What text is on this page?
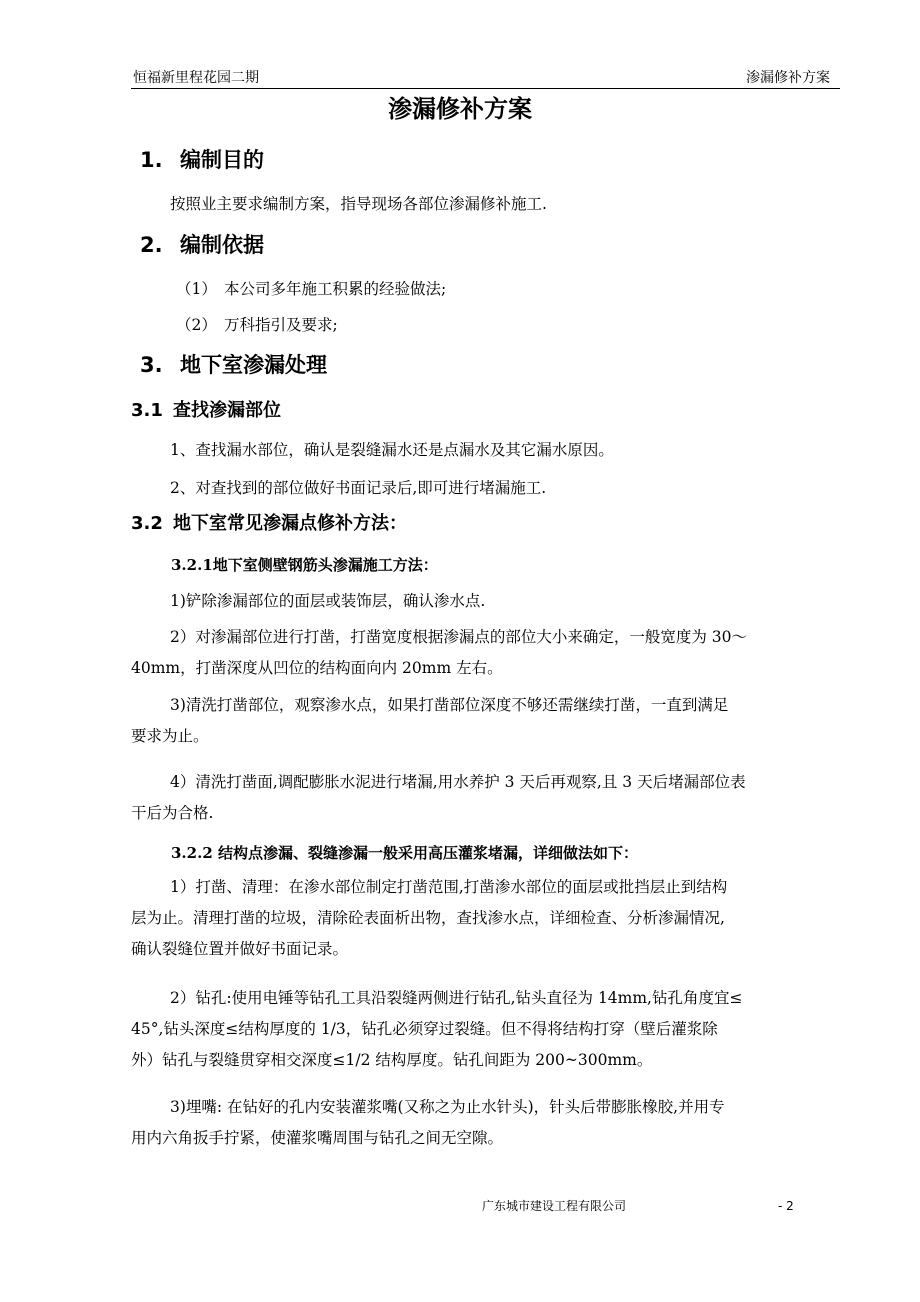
恒福新里程花园二期	渗漏修补方案
渗漏修补方案
1. 编制目的
按照业主要求编制方案，指导现场各部位渗漏修补施工.
2. 编制依据
（1） 本公司多年施工积累的经验做法;
（2） 万科指引及要求;
3. 地下室渗漏处理
3.1 查找渗漏部位
1、查找漏水部位，确认是裂缝漏水还是点漏水及其它漏水原因。
2、对查找到的部位做好书面记录后,即可进行堵漏施工.
3.2 地下室常见渗漏点修补方法：
3.2.1地下室侧壁钢筋头渗漏施工方法：
1)铲除渗漏部位的面层或装饰层，确认渗水点.
2）对渗漏部位进行打凿，打凿宽度根据渗漏点的部位大小来确定，一般宽度为 30～
40mm，打凿深度从凹位的结构面向内 20mm 左右。
3)清洗打凿部位，观察渗水点，如果打凿部位深度不够还需继续打凿，一直到满足
要求为止。
4）清洗打凿面,调配膨胀水泥进行堵漏,用水养护 3 天后再观察,且 3 天后堵漏部位表
干后为合格.
3.2.2 结构点渗漏、裂缝渗漏一般采用高压灌浆堵漏，详细做法如下：
1）打凿、清理：在渗水部位制定打凿范围,打凿渗水部位的面层或批挡层止到结构
层为止。清理打凿的垃圾，清除砼表面析出物，查找渗水点，详细检查、分析渗漏情况,
确认裂缝位置并做好书面记录。
2）钻孔:使用电锤等钻孔工具沿裂缝两侧进行钻孔,钻头直径为 14mm,钻孔角度宜≤
45°,钻头深度≤结构厚度的 1/3，钻孔必须穿过裂缝。但不得将结构打穿（壁后灌浆除
外）钻孔与裂缝贯穿相交深度≤1/2 结构厚度。钻孔间距为 200~300mm。
3)埋嘴: 在钻好的孔内安装灌浆嘴(又称之为止水针头)，针头后带膨胀橡胶,并用专
用内六角扳手拧紧，使灌浆嘴周围与钻孔之间无空隙。
广东城市建设工程有限公司	- 2
